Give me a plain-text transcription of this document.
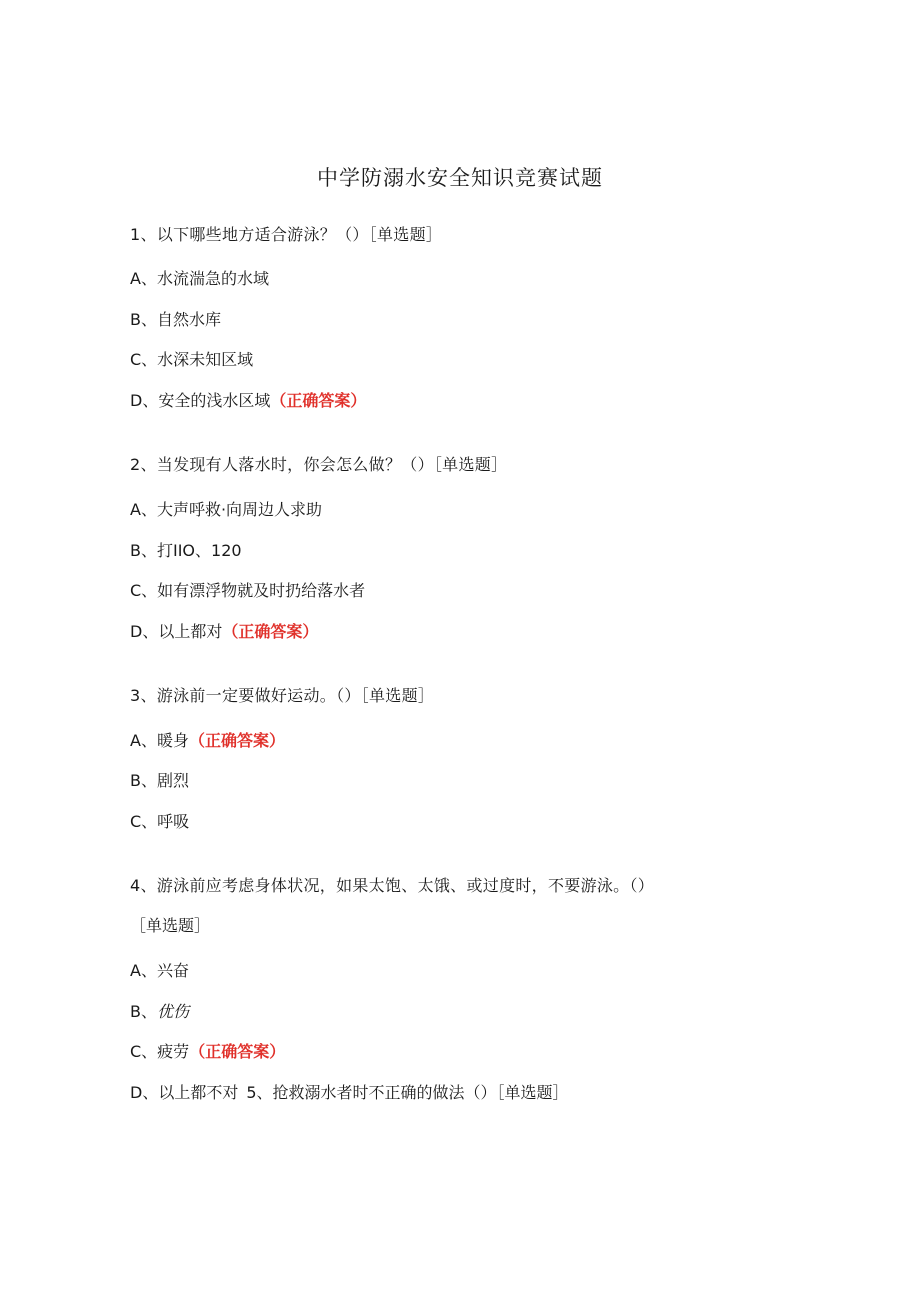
中学防溺水安全知识竞赛试题
1、以下哪些地方适合游泳？（）［单选题］
A、水流湍急的水域
B、自然水库
C、水深未知区域
D、安全的浅水区域（正确答案）
2、当发现有人落水时，你会怎么做？（）［单选题］
A、大声呼救·向周边人求助
B、打IIO、120
C、如有漂浮物就及时扔给落水者
D、以上都对（正确答案）
3、游泳前一定要做好运动。（）［单选题］
A、暖身（正确答案）
B、剧烈
C、呼吸
4、游泳前应考虑身体状况，如果太饱、太饿、或过度时，不要游泳。（）
［单选题］
A、兴奋
B、优伤
C、疲劳（正确答案）
D、以上都不对 5、抢救溺水者时不正确的做法（）［单选题］
